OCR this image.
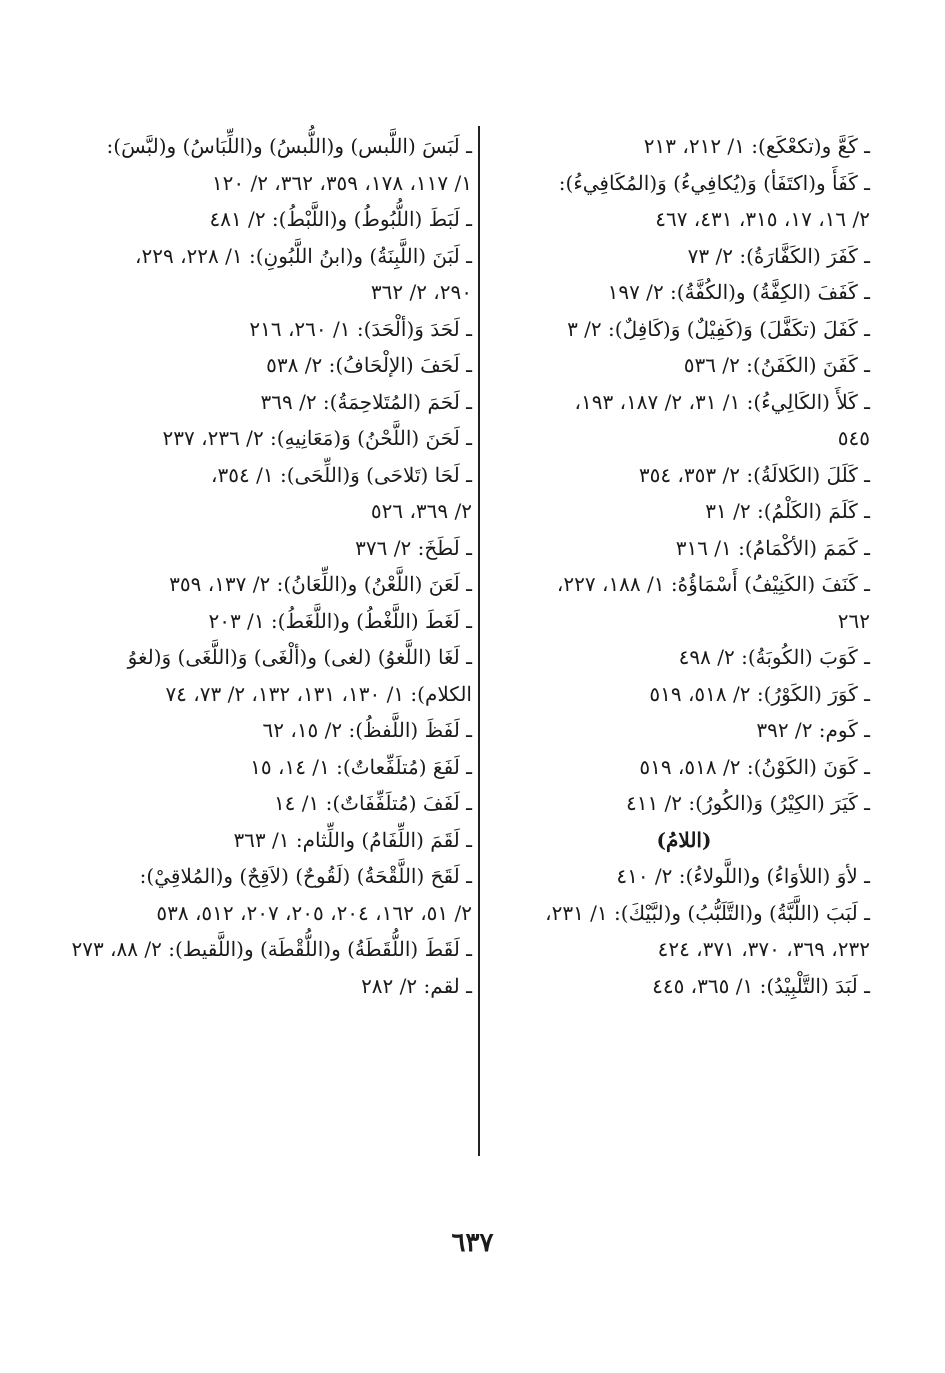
ـ كَعَّ و(تكعْكَع): ١/ ٢١٢، ٢١٣
ـ كَفَأَ و(اكتَفَأ) وَ(يُكافِيءُ) وَ(المُكَافِيءُ):
٢/ ١٦، ١٧، ٣١٥، ٤٣١، ٤٦٧
ـ كَفَرَ (الكَفَّارَةُ): ٢/ ٧٣
ـ كَفَفَ (الكِفَّةُ) و(الكُفَّةُ): ٢/ ١٩٧
ـ كَفَلَ (تكَفَّلَ) وَ(كَفِيْلٌ) وَ(كَافِلٌ): ٢/ ٣
ـ كَفَنَ (الكَفَنُ): ٢/ ٥٣٦
ـ كَلأَ (الكَالِيءُ): ١/ ٣١، ٢/ ١٨٧، ١٩٣،
٥٤٥
ـ كَلَلَ (الكَلالَةُ): ٢/ ٣٥٣، ٣٥٤
ـ كَلَمَ (الكَلْمُ): ٢/ ٣١
ـ كَمَمَ (الأكْمَامُ): ١/ ٣١٦
ـ كَنَفَ (الكَنِيْفُ) أَسْمَاؤُهُ: ١/ ١٨٨، ٢٢٧،
٢٦٢
ـ كَوَبَ (الكُوبَةُ): ٢/ ٤٩٨
ـ كَوَرَ (الكَوْرُ): ٢/ ٥١٨، ٥١٩
ـ كَوم: ٢/ ٣٩٢
ـ كَوَنَ (الكَوْنُ): ٢/ ٥١٨، ٥١٩
ـ كَيَرَ (الكِيْرُ) وَ(الكُورُ): ٢/ ٤١١
(اللامُ)
ـ لأوَ (اللأوَاءُ) و(اللَّولاءُ): ٢/ ٤١٠
ـ لَبَبَ (اللَّبَّةُ) و(التَّلَبُّبُ) و(لبَّيْكَ): ١/ ٢٣١،
٢٣٢، ٣٦٩، ٣٧٠، ٣٧١، ٤٢٤
ـ لَبَدَ (التَّلْبِيْدُ): ١/ ٣٦٥، ٤٤٥
ـ لَبَسَ (اللَّبس) و(اللُّبسُ) و(اللِّبَاسُ) و(لبَّسَ):
١/ ١١٧، ١٧٨، ٣٥٩، ٣٦٢، ٢/ ١٢٠
ـ لَبَطَ (اللُّبُوطُ) و(اللَّبْطُ): ٢/ ٤٨١
ـ لَبَنَ (اللَّبِنَةُ) و(ابنُ اللَّبُونِ): ١/ ٢٢٨، ٢٢٩،
٢٩٠، ٢/ ٣٦٢
ـ لَحَدَ وَ(ألْحَدَ): ١/ ٢٦٠، ٢١٦
ـ لَحَفَ (الإلْحَافُ): ٢/ ٥٣٨
ـ لَحَمَ (المُتَلاحِمَةُ): ٢/ ٣٦٩
ـ لَحَنَ (اللَّحْنُ) وَ(مَعَانِيهِ): ٢/ ٢٣٦، ٢٣٧
ـ لَحَا (تَلاحَى) وَ(اللِّحَى): ١/ ٣٥٤،
٢/ ٣٦٩، ٥٢٦
ـ لَطَخَ: ٢/ ٣٧٦
ـ لَعَنَ (اللَّعْنُ) و(اللِّعَانُ): ٢/ ١٣٧، ٣٥٩
ـ لَغَطَ (اللَّغْطُ) و(اللَّغَطُ): ١/ ٢٠٣
ـ لَغَا (اللَّغوُ) (لغى) و(ألْغَى) وَ(اللَّغَى) وَ(لغوُ
الكلام): ١/ ١٣٠، ١٣١، ١٣٢، ٢/ ٧٣، ٧٤
ـ لَفَظَ (اللَّفظُ): ٢/ ١٥، ٦٢
ـ لَفَعَ (مُتلَفِّعاتٌ): ١/ ١٤، ١٥
ـ لَفَفَ (مُتلَفِّفَاتٌ): ١/ ١٤
ـ لَقَمَ (اللِّفَامُ) واللِّثام: ١/ ٣٦٣
ـ لَقَحَ (اللَّقْحَةُ) (لَقُوحٌ) (لاَقِحٌ) و(المُلاقِيْ):
٢/ ٥١، ١٦٢، ٢٠٤، ٢٠٥، ٢٠٧، ٥١٢، ٥٣٨
ـ لَقَطَ (اللُّقَطَةُ) و(اللُّقْطَة) و(اللَّقيط): ٢/ ٨٨، ٢٧٣
ـ لقم: ٢/ ٢٨٢
٦٣٧
